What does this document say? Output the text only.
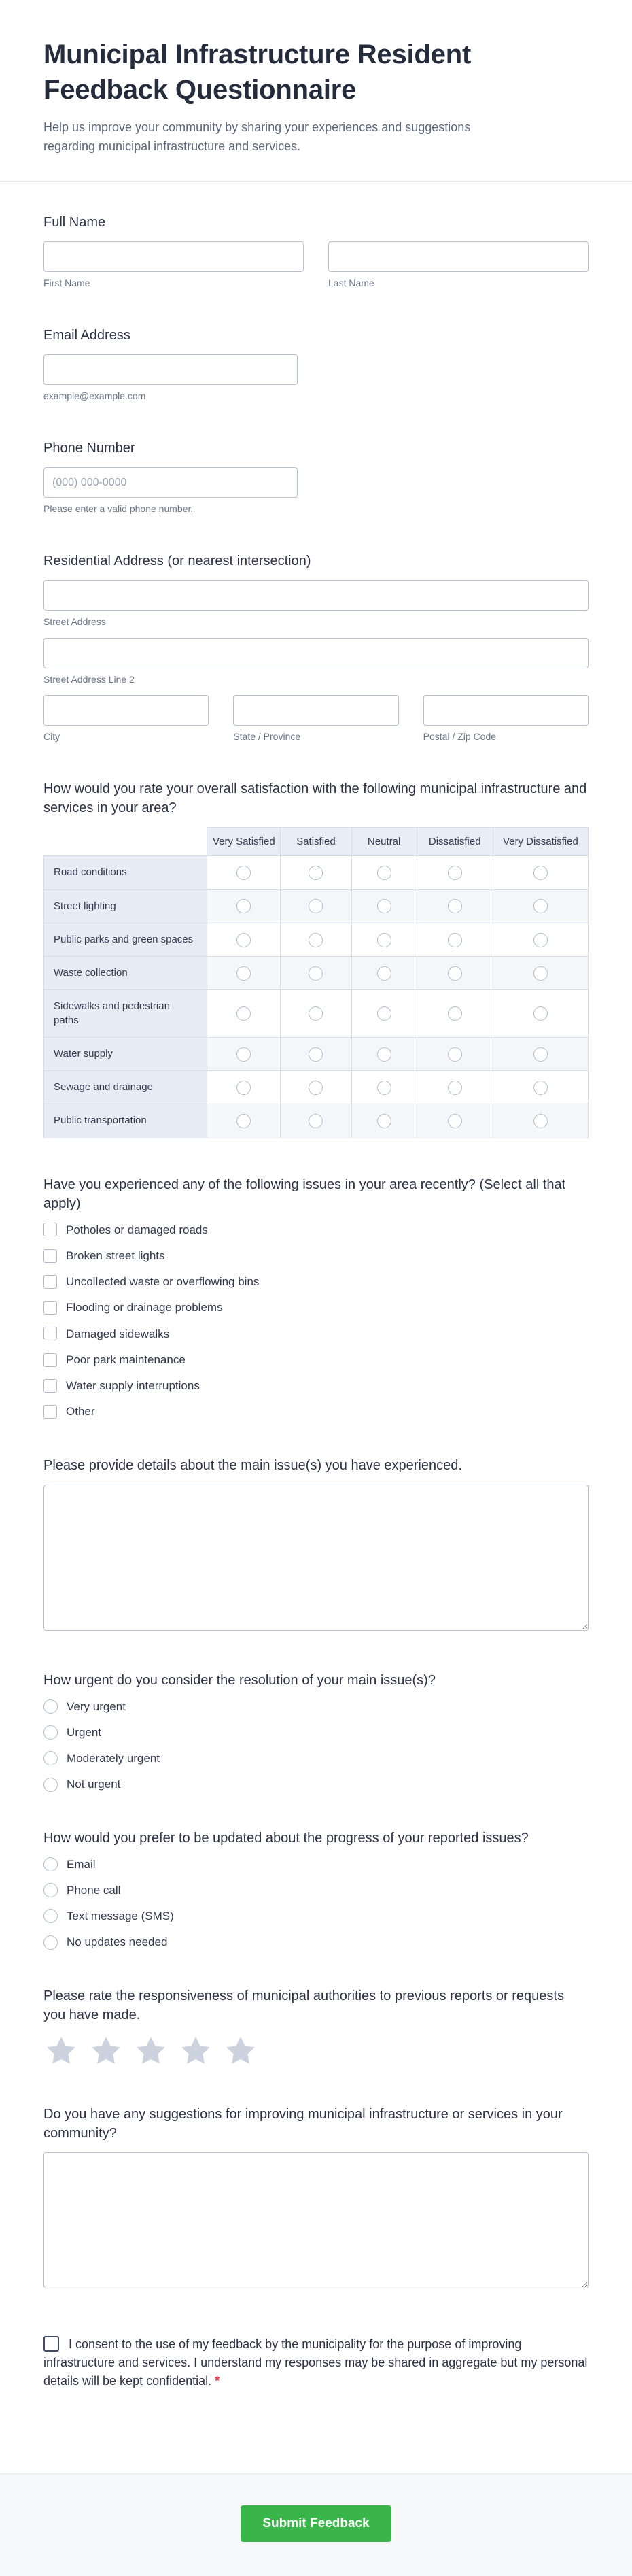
Municipal Infrastructure Resident Feedback Questionnaire

Help us improve your community by sharing your experiences and suggestions regarding municipal infrastructure and services.

Full Name
First Name	Last Name
Email Address
example@example.com
Phone Number
(000) 000-0000
Please enter a valid phone number.
Residential Address (or nearest intersection)
Street Address
Street Address Line 2
City	State / Province	Postal / Zip Code
How would you rate your overall satisfaction with the following municipal infrastructure and services in your area?
	Very Satisfied	Satisfied	Neutral	Dissatisfied	Very Dissatisfied
Road conditions					
Street lighting					
Public parks and green spaces					
Waste collection					
Sidewalks and pedestrian paths					
Water supply					
Sewage and drainage					
Public transportation					
Have you experienced any of the following issues in your area recently? (Select all that apply)
Potholes or damaged roads
Broken street lights
Uncollected waste or overflowing bins
Flooding or drainage problems
Damaged sidewalks
Poor park maintenance
Water supply interruptions
Other
Please provide details about the main issue(s) you have experienced.
How urgent do you consider the resolution of your main issue(s)?
Very urgent
Urgent
Moderately urgent
Not urgent
How would you prefer to be updated about the progress of your reported issues?
Email
Phone call
Text message (SMS)
No updates needed
Please rate the responsiveness of municipal authorities to previous reports or requests you have made.
Do you have any suggestions for improving municipal infrastructure or services in your community?

I consent to the use of my feedback by the municipality for the purpose of improving infrastructure and services. I understand my responses may be shared in aggregate but my personal details will be kept confidential. *

Submit Feedback
